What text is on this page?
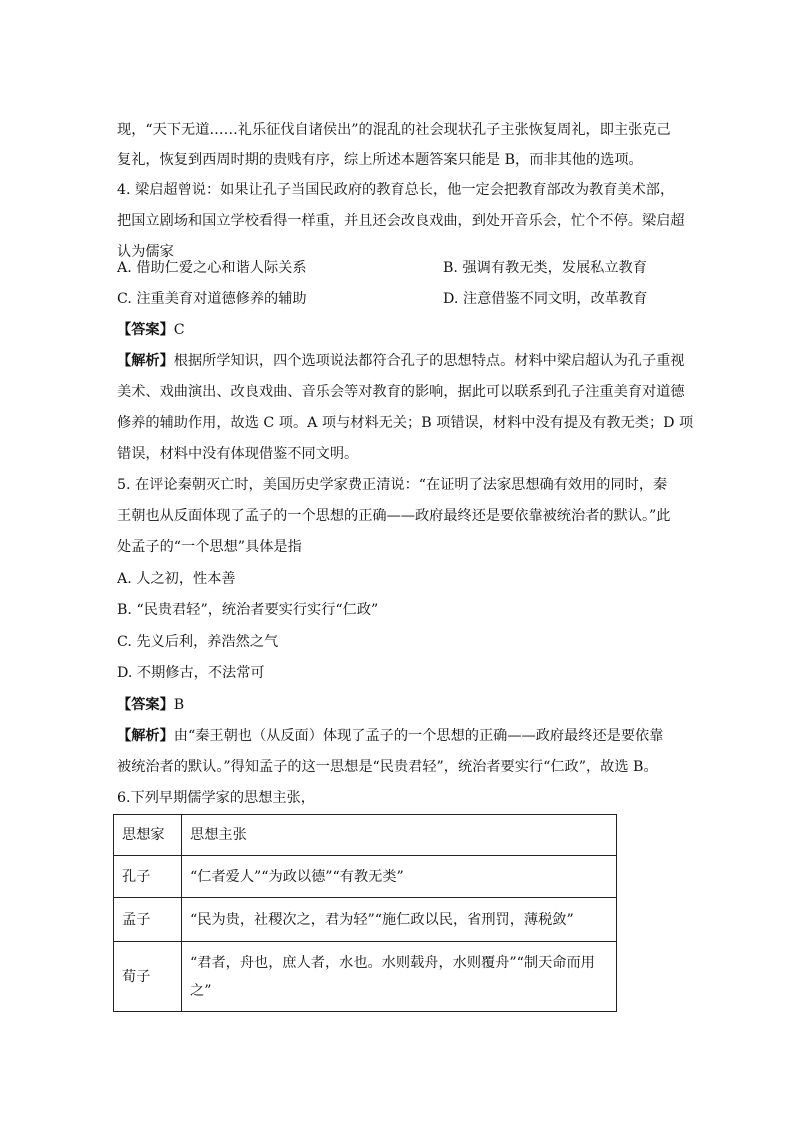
现，“天下无道……礼乐征伐自诸侯出”的混乱的社会现状孔子主张恢复周礼，即主张克己
复礼，恢复到西周时期的贵贱有序，综上所述本题答案只能是 B，而非其他的选项。
4. 梁启超曾说：如果让孔子当国民政府的教育总长，他一定会把教育部改为教育美术部，
把国立剧场和国立学校看得一样重，并且还会改良戏曲，到处开音乐会，忙个不停。梁启超
认为儒家
A. 借助仁爱之心和谐人际关系	B. 强调有教无类，发展私立教育
C. 注重美育对道德修养的辅助	D. 注意借鉴不同文明，改革教育
【答案】C
【解析】根据所学知识，四个选项说法都符合孔子的思想特点。材料中梁启超认为孔子重视
美术、戏曲演出、改良戏曲、音乐会等对教育的影响，据此可以联系到孔子注重美育对道德
修养的辅助作用，故选 C 项。A 项与材料无关；B 项错误，材料中没有提及有教无类；D 项
错误，材料中没有体现借鉴不同文明。
5. 在评论秦朝灭亡时，美国历史学家费正清说：“在证明了法家思想确有效用的同时，秦
王朝也从反面体现了孟子的一个思想的正确——政府最终还是要依靠被统治者的默认。”此
处孟子的“一个思想”具体是指
A. 人之初，性本善
B. “民贵君轻”，统治者要实行实行“仁政”
C. 先义后利，养浩然之气
D. 不期修古，不法常可
【答案】B
【解析】由“秦王朝也（从反面）体现了孟子的一个思想的正确——政府最终还是要依靠
被统治者的默认。”得知孟子的这一思想是“民贵君轻”，统治者要实行“仁政”，故选 B。
6.下列早期儒学家的思想主张，
思想家	思想主张
孔子	“仁者爱人”“为政以德”“有教无类”
孟子	“民为贵，社稷次之，君为轻”“施仁政以民，省刑罚，薄税敛”
荀子	“君者，舟也，庶人者，水也。水则载舟，水则覆舟”“制天命而用之”
